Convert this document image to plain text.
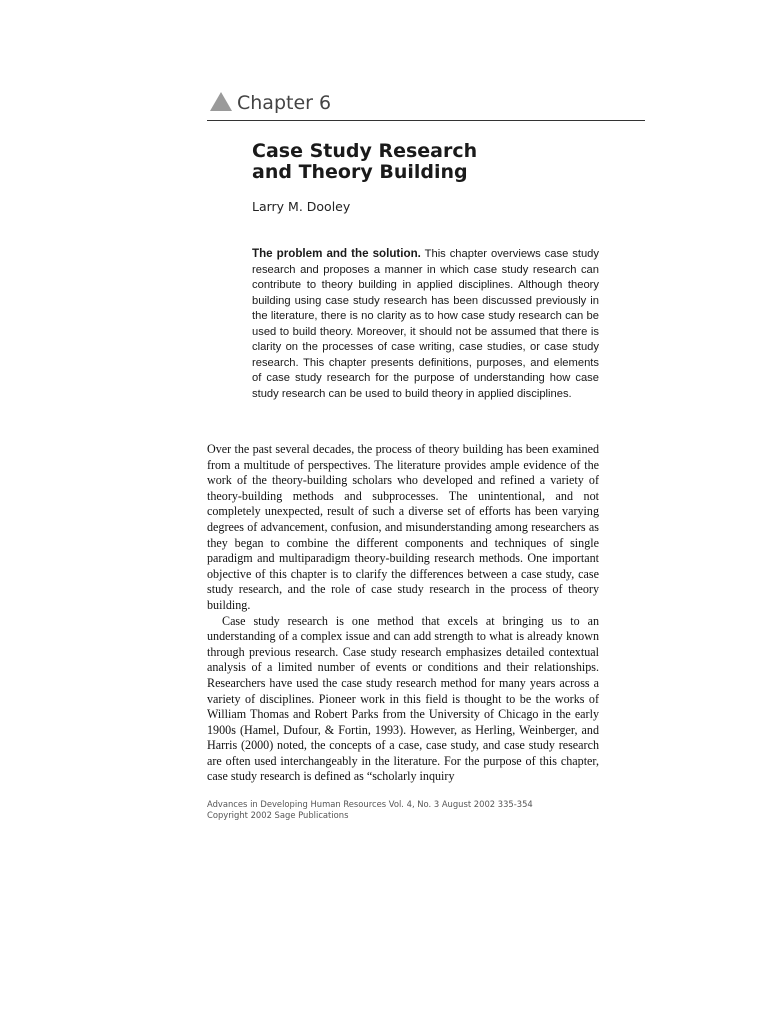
Chapter 6
Case Study Research
and Theory Building
Larry M. Dooley
The problem and the solution. This chapter overviews case study research and proposes a manner in which case study research can contribute to theory building in applied disciplines. Although theory building using case study research has been discussed previously in the literature, there is no clarity as to how case study research can be used to build theory. Moreover, it should not be assumed that there is clarity on the processes of case writing, case studies, or case study research. This chapter presents definitions, purposes, and elements of case study research for the purpose of understanding how case study research can be used to build theory in applied disciplines.

Over the past several decades, the process of theory building has been examined from a multitude of perspectives. The literature provides ample evidence of the work of the theory-building scholars who developed and refined a variety of theory-building methods and subprocesses. The unintentional, and not completely unexpected, result of such a diverse set of efforts has been varying degrees of advancement, confusion, and misunderstanding among researchers as they began to combine the different components and techniques of single paradigm and multiparadigm theory-building research methods. One important objective of this chapter is to clarify the differences between a case study, case study research, and the role of case study research in the process of theory building.

Case study research is one method that excels at bringing us to an understanding of a complex issue and can add strength to what is already known through previous research. Case study research emphasizes detailed contextual analysis of a limited number of events or conditions and their relationships. Researchers have used the case study research method for many years across a variety of disciplines. Pioneer work in this field is thought to be the works of William Thomas and Robert Parks from the University of Chicago in the early 1900s (Hamel, Dufour, & Fortin, 1993). However, as Herling, Weinberger, and Harris (2000) noted, the concepts of a case, case study, and case study research are often used interchangeably in the literature. For the purpose of this chapter, case study research is defined as “scholarly inquiry

Advances in Developing Human Resources Vol. 4, No. 3 August 2002 335-354
Copyright 2002 Sage Publications
